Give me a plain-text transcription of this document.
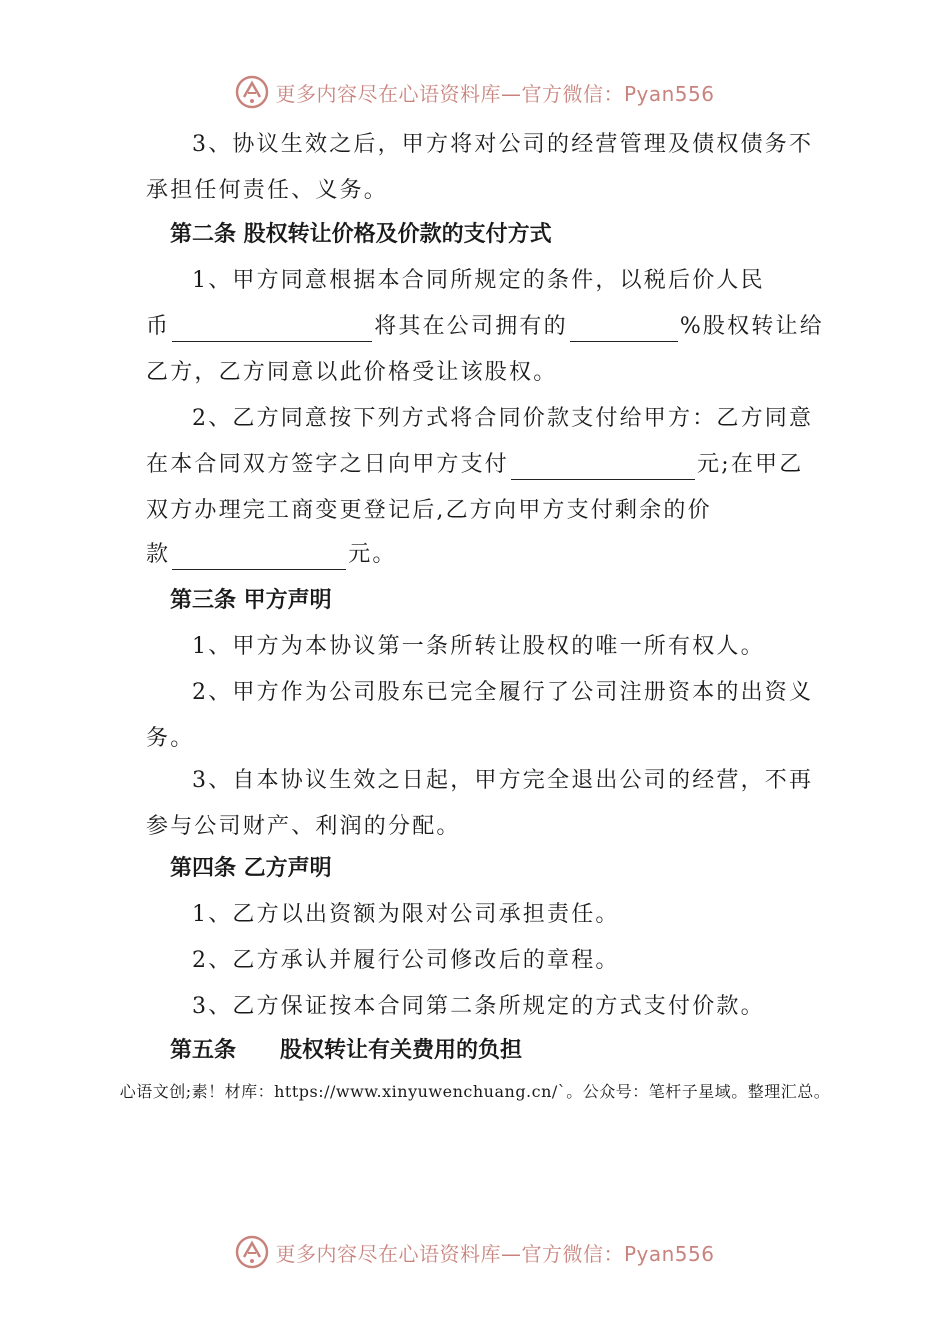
更多内容尽在心语资料库—官方微信：Pyan556
3、协议生效之后，甲方将对公司的经营管理及债权债务不
承担任何责任、义务。
第二条 股权转让价格及价款的支付方式
1、甲方同意根据本合同所规定的条件，以税后价人民
币	将其在公司拥有的	%股权转让给
乙方，乙方同意以此价格受让该股权。
2、乙方同意按下列方式将合同价款支付给甲方：乙方同意
在本合同双方签字之日向甲方支付	元;在甲乙
双方办理完工商变更登记后,乙方向甲方支付剩余的价
款	元。
第三条 甲方声明
1、甲方为本协议第一条所转让股权的唯一所有权人。
2、甲方作为公司股东已完全履行了公司注册资本的出资义
务。
3、自本协议生效之日起，甲方完全退出公司的经营，不再
参与公司财产、利润的分配。
第四条 乙方声明
1、乙方以出资额为限对公司承担责任。
2、乙方承认并履行公司修改后的章程。
3、乙方保证按本合同第二条所规定的方式支付价款。
第五条　　股权转让有关费用的负担
心语文创;素！材库：https://www.xinyuwenchuang.cn/`。公众号：笔杆子星域。整理汇总。
更多内容尽在心语资料库—官方微信：Pyan556
